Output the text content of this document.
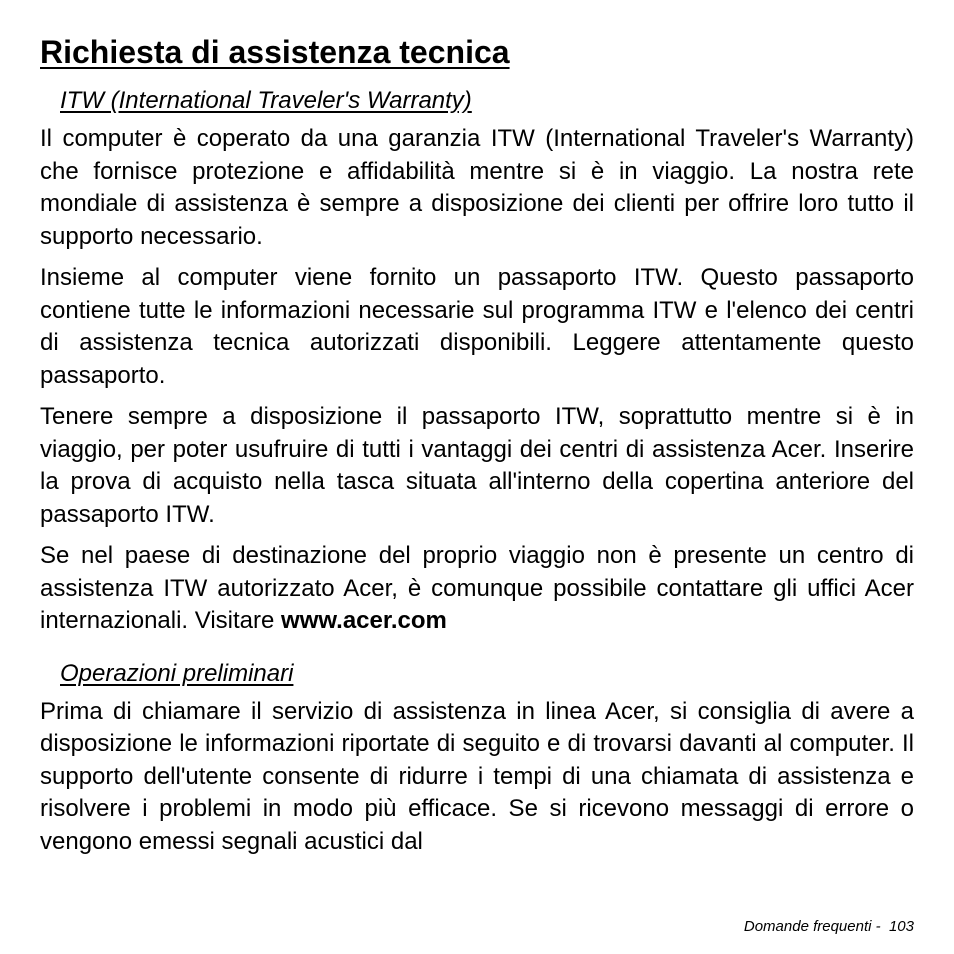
Richiesta di assistenza tecnica
ITW (International Traveler's Warranty)

Il computer è coperato da una garanzia ITW (International Traveler's Warranty) che fornisce protezione e affidabilità mentre si è in viaggio. La nostra rete mondiale di assistenza è sempre a disposizione dei clienti per offrire loro tutto il supporto necessario.

Insieme al computer viene fornito un passaporto ITW. Questo passaporto contiene tutte le informazioni necessarie sul programma ITW e l'elenco dei centri di assistenza tecnica autorizzati disponibili. Leggere attentamente questo passaporto.

Tenere sempre a disposizione il passaporto ITW, soprattutto mentre si è in viaggio, per poter usufruire di tutti i vantaggi dei centri di assistenza Acer. Inserire la prova di acquisto nella tasca situata all'interno della copertina anteriore del passaporto ITW.

Se nel paese di destinazione del proprio viaggio non è presente un centro di assistenza ITW autorizzato Acer, è comunque possibile contattare gli uffici Acer internazionali. Visitare www.acer.com

Operazioni preliminari

Prima di chiamare il servizio di assistenza in linea Acer, si consiglia di avere a disposizione le informazioni riportate di seguito e di trovarsi davanti al computer. Il supporto dell'utente consente di ridurre i tempi di una chiamata di assistenza e risolvere i problemi in modo più efficace. Se si ricevono messaggi di errore o vengono emessi segnali acustici dal

Domande frequenti - 103
